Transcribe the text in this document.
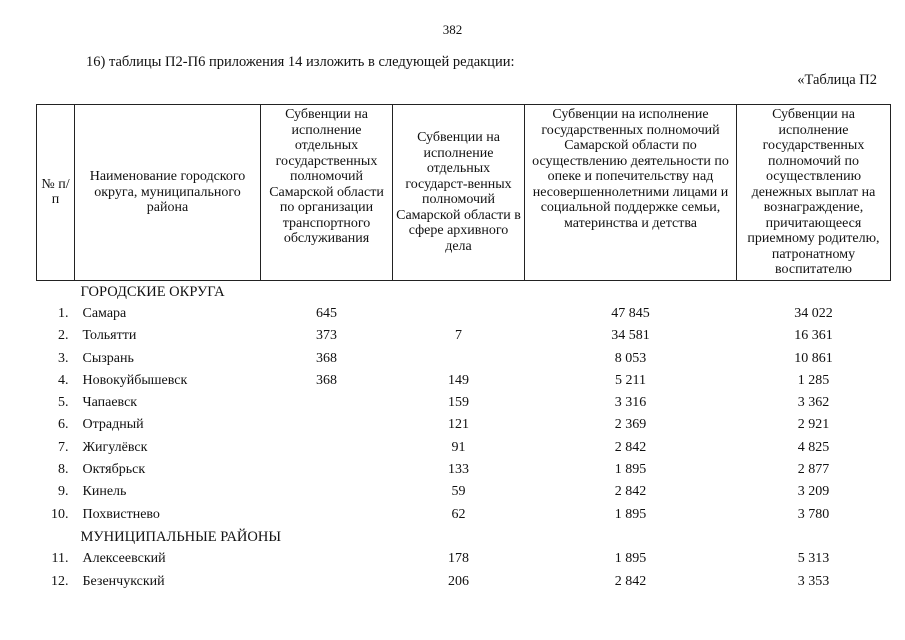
382
16) таблицы П2-П6 приложения 14 изложить в следующей редакции:
«Таблица П2
№ п/п	Наименование городского округа, муниципального района	Субвенции на исполнение отдельных государственных полномочий Самарской области по организации транспортного обслуживания	Субвенции на исполнение отдельных государст-венных полномочий Самарской области в сфере архивного дела	Субвенции на исполнение государственных полномочий Самарской области по осуществлению деятельности по опеке и попечительству над несовершеннолетними лицами и социальной поддержке семьи, материнства и детства	Субвенции на исполнение государственных полномочий по осуществлению денежных выплат на вознаграждение, причитающееся приемному родителю, патронатному воспитателю
ГОРОДСКИЕ ОКРУГА					
1.	Самара	645		47 845	34 022
2.	Тольятти	373	7	34 581	16 361
3.	Сызрань	368		8 053	10 861
4.	Новокуйбышевск	368	149	5 211	1 285
5.	Чапаевск		159	3 316	3 362
6.	Отрадный		121	2 369	2 921
7.	Жигулёвск		91	2 842	4 825
8.	Октябрьск		133	1 895	2 877
9.	Кинель		59	2 842	3 209
10.	Похвистнево		62	1 895	3 780
МУНИЦИПАЛЬНЫЕ РАЙОНЫ					
11.	Алексеевский		178	1 895	5 313
12.	Безенчукский		206	2 842	3 353
